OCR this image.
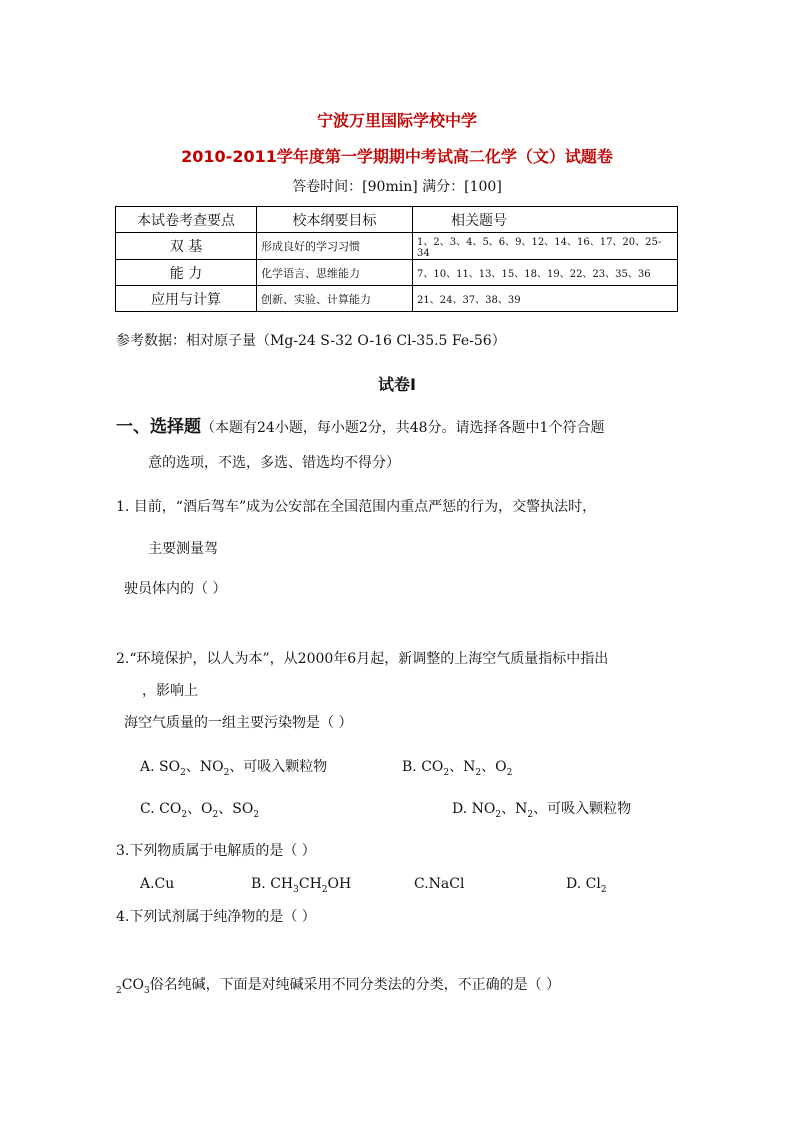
宁波万里国际学校中学
2010-2011学年度第一学期期中考试高二化学（文）试题卷
答卷时间：[90min] 满分：[100]
本试卷考查要点	校本纲要目标	相关题号
双 基	形成良好的学习习惯	1、2、3、4、5、6、9、12、14、16、17、20、25-34
能 力	化学语言、思维能力	7、10、11、13、15、18、19、22、23、35、36
应用与计算	创新、实验、计算能力	21、24、37、38、39
参考数据：相对原子量（Mg-24 S-32 O-16 Cl-35.5 Fe-56）
试卷Ⅰ
一、选择题（本题有24小题，每小题2分，共48分。请选择各题中1个符合题
意的选项，不选，多选、错选均不得分）
1. 目前，“酒后驾车”成为公安部在全国范围内重点严惩的行为，交警执法时，
主要测量驾
驶员体内的（ ）
2.“环境保护，以人为本”，从2000年6月起，新调整的上海空气质量指标中指出
，影响上
海空气质量的一组主要污染物是（ ）
A. $SO_2$、$NO_2$、可吸入颗粒物	B. $CO_2$、$N_2$、$O_2$
C. $CO_2$、$O_2$、$SO_2$	D. $NO_2$、$N_2$、可吸入颗粒物
3.下列物质属于电解质的是（ ）
A.Cu	B. $CH_3CH_2OH$	C.NaCl	D. $Cl_2$
4.下列试剂属于纯净物的是（ ）
$_2CO_3$俗名纯碱，下面是对纯碱采用不同分类法的分类，不正确的是（ ）
